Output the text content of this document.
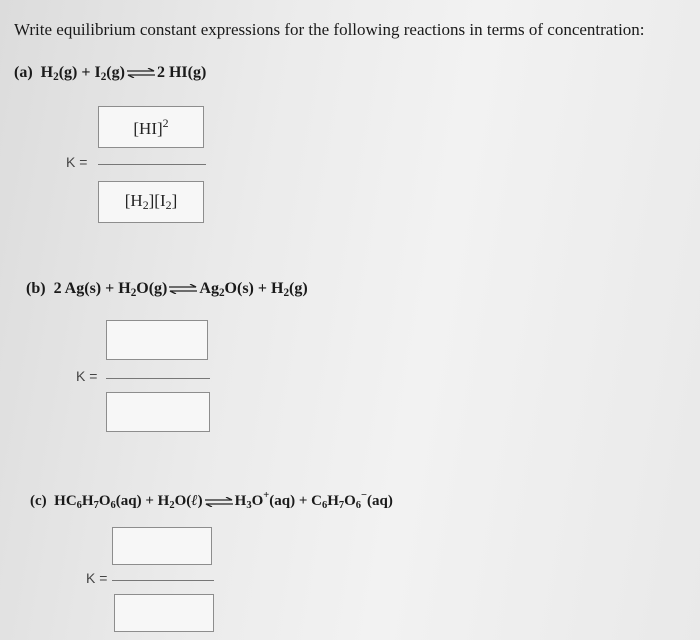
Write equilibrium constant expressions for the following reactions in terms of concentration:
(a) $H_2(g)$ + $I_2(g)\rightleftharpoons 2$ HI(g)
[HI]$^2$
K =
$[H_2][I_2]$
(b) 2 $Ag(s) + H_2O(g)\rightleftharpoons Ag_2O(s) + H_2(g)$
K =
(c) $HC_6H_7O_6(aq)$ + $H_2O(\ell)\rightleftharpoons H_3O^+(aq) + C_6H_7O_6^-(aq)$
K =
